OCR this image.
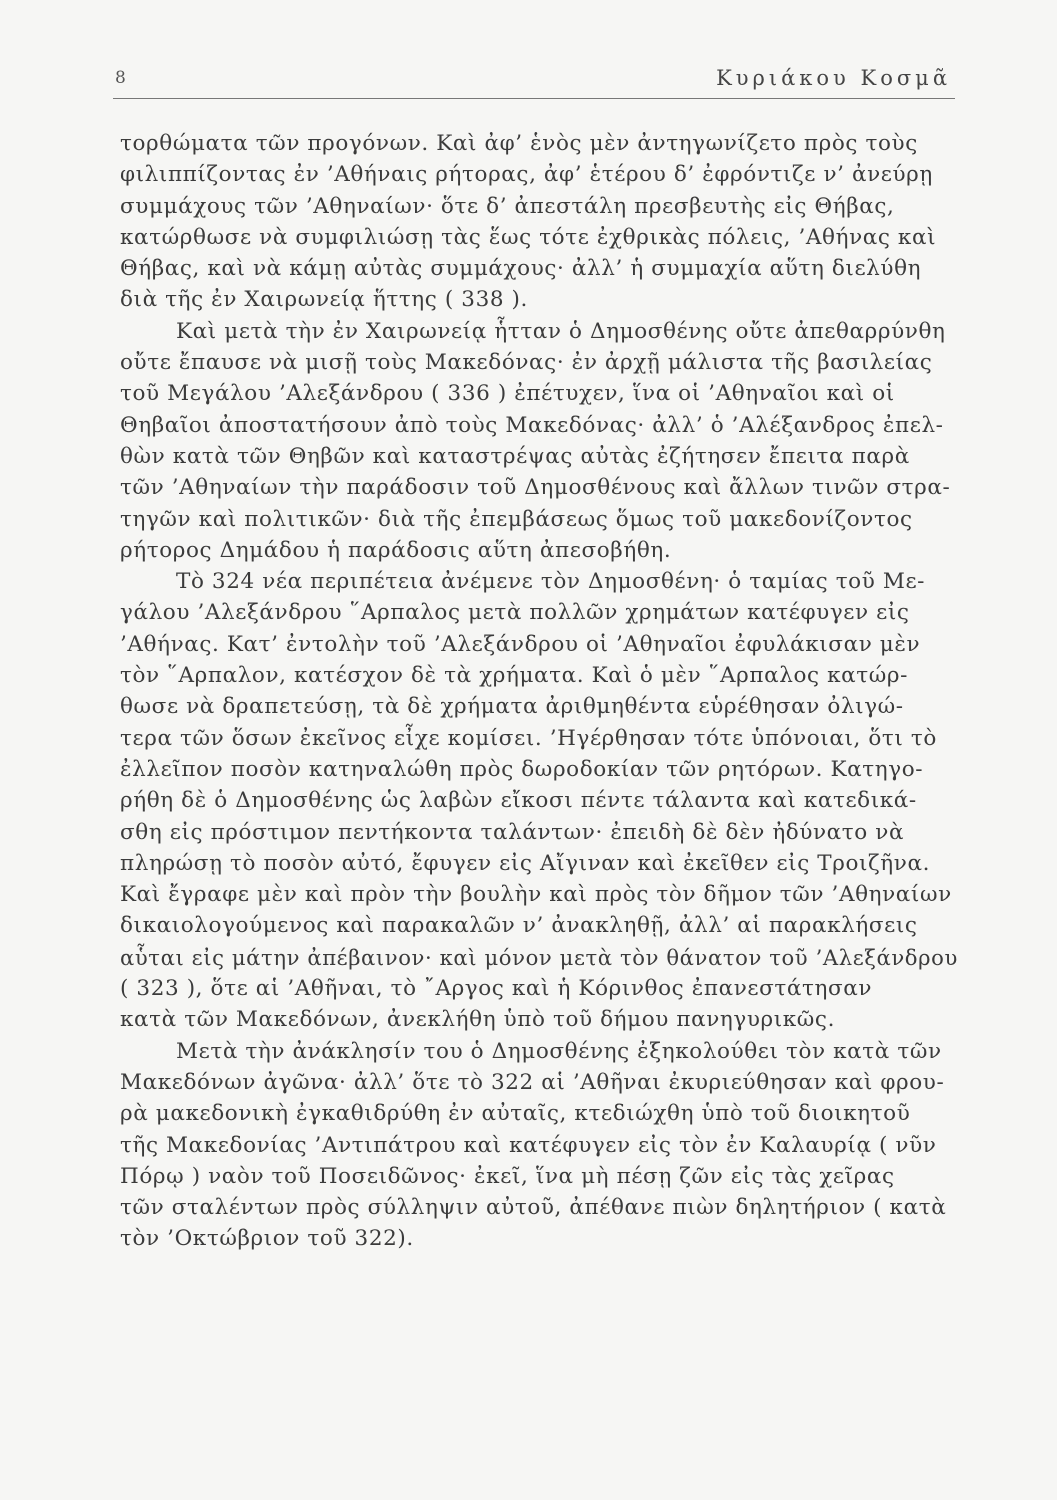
8	Κυριάκου Κοσμᾶ
τορθώματα τῶν προγόνων. Καὶ ἀφ’ ἑνὸς μὲν ἀντηγωνίζετο πρὸς τοὺς
φιλιππίζοντας ἐν ’Αθήναις ρήτορας, ἀφ’ ἑτέρου δ’ ἐφρόντιζε ν’ ἀνεύρῃ
συμμάχους τῶν ’Αθηναίων· ὅτε δ’ ἀπεστάλη πρεσβευτὴς εἰς Θήβας,
κατώρθωσε νὰ συμφιλιώσῃ τὰς ἕως τότε ἐχθρικὰς πόλεις, ’Αθήνας καὶ
Θήβας, καὶ νὰ κάμῃ αὐτὰς συμμάχους· ἀλλ’ ἡ συμμαχία αὕτη διελύθη
διὰ τῆς ἐν Χαιρωνείᾳ ἥττης ( 338 ).
Καὶ μετὰ τὴν ἐν Χαιρωνείᾳ ἧτταν ὁ Δημοσθένης οὔτε ἀπεθαρρύνθη
οὔτε ἔπαυσε νὰ μισῇ τοὺς Μακεδόνας· ἐν ἀρχῇ μάλιστα τῆς βασιλείας
τοῦ Μεγάλου ’Αλεξάνδρου ( 336 ) ἐπέτυχεν, ἵνα οἱ ’Αθηναῖοι καὶ οἱ
Θηβαῖοι ἀποστατήσουν ἀπὸ τοὺς Μακεδόνας· ἀλλ’ ὁ ’Αλέξανδρος ἐπελ-
θὼν κατὰ τῶν Θηβῶν καὶ καταστρέψας αὐτὰς ἐζήτησεν ἔπειτα παρὰ
τῶν ’Αθηναίων τὴν παράδοσιν τοῦ Δημοσθένους καὶ ἄλλων τινῶν στρα-
τηγῶν καὶ πολιτικῶν· διὰ τῆς ἐπεμβάσεως ὅμως τοῦ μακεδονίζοντος
ρήτορος Δημάδου ἡ παράδοσις αὕτη ἀπεσοβήθη.
Τὸ 324 νέα περιπέτεια ἀνέμενε τὸν Δημοσθένη· ὁ ταμίας τοῦ Με-
γάλου ’Αλεξάνδρου ῞Αρπαλος μετὰ πολλῶν χρημάτων κατέφυγεν εἰς
’Αθήνας. Κατ’ ἐντολὴν τοῦ ’Αλεξάνδρου οἱ ’Αθηναῖοι ἐφυλάκισαν μὲν
τὸν ῞Αρπαλον, κατέσχον δὲ τὰ χρήματα. Καὶ ὁ μὲν ῞Αρπαλος κατώρ-
θωσε νὰ δραπετεύσῃ, τὰ δὲ χρήματα ἀριθμηθέντα εὑρέθησαν ὀλιγώ-
τερα τῶν ὅσων ἐκεῖνος εἶχε κομίσει. ’Ηγέρθησαν τότε ὑπόνοιαι, ὅτι τὸ
ἐλλεῖπον ποσὸν κατηναλώθη πρὸς δωροδοκίαν τῶν ρητόρων. Κατηγο-
ρήθη δὲ ὁ Δημοσθένης ὡς λαβὼν εἴκοσι πέντε τάλαντα καὶ κατεδικά-
σθη εἰς πρόστιμον πεντήκοντα ταλάντων· ἐπειδὴ δὲ δὲν ἠδύνατο νὰ
πληρώσῃ τὸ ποσὸν αὐτό, ἔφυγεν εἰς Αἴγιναν καὶ ἐκεῖθεν εἰς Τροιζῆνα.
Καὶ ἔγραφε μὲν καὶ πρὸν τὴν βουλὴν καὶ πρὸς τὸν δῆμον τῶν ’Αθηναίων
δικαιολογούμενος καὶ παρακαλῶν ν’ ἀνακληθῇ, ἀλλ’ αἱ παρακλήσεις
αὗται εἰς μάτην ἀπέβαινον· καὶ μόνον μετὰ τὸν θάνατον τοῦ ’Αλεξάνδρου
( 323 ), ὅτε αἱ ’Αθῆναι, τὸ ῎Αργος καὶ ἡ Κόρινθος ἐπανεστάτησαν
κατὰ τῶν Μακεδόνων, ἀνεκλήθη ὑπὸ τοῦ δήμου πανηγυρικῶς.
Μετὰ τὴν ἀνάκλησίν του ὁ Δημοσθένης ἐξηκολούθει τὸν κατὰ τῶν
Μακεδόνων ἀγῶνα· ἀλλ’ ὅτε τὸ 322 αἱ ’Αθῆναι ἐκυριεύθησαν καὶ φρου-
ρὰ μακεδονικὴ ἐγκαθιδρύθη ἐν αὐταῖς, κτεδιώχθη ὑπὸ τοῦ διοικητοῦ
τῆς Μακεδονίας ’Αντιπάτρου καὶ κατέφυγεν εἰς τὸν ἐν Καλαυρίᾳ ( νῦν
Πόρῳ ) ναὸν τοῦ Ποσειδῶνος· ἐκεῖ, ἵνα μὴ πέσῃ ζῶν εἰς τὰς χεῖρας
τῶν σταλέντων πρὸς σύλληψιν αὐτοῦ, ἀπέθανε πιὼν δηλητήριον ( κατὰ
τὸν ’Οκτώβριον τοῦ 322).
